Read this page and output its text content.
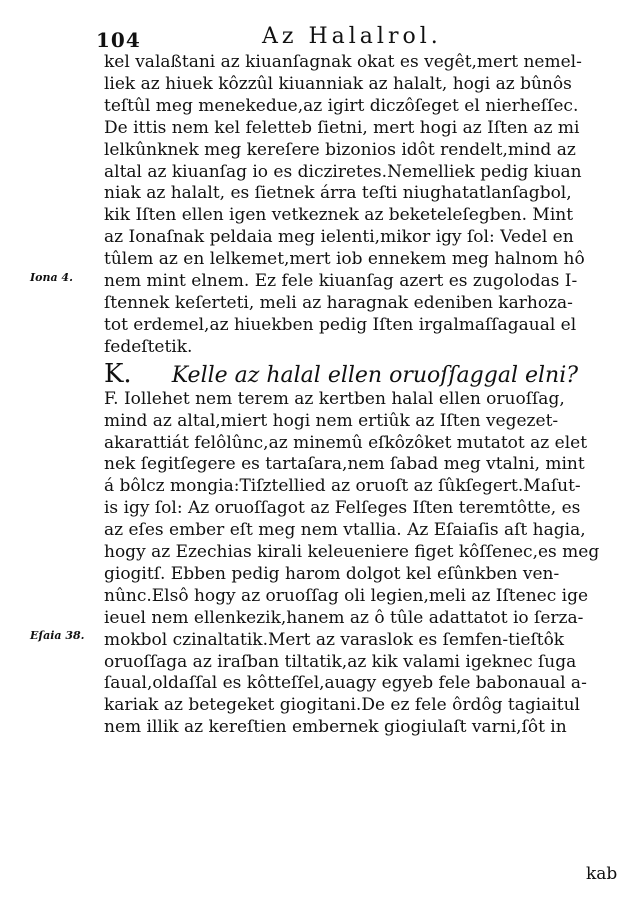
104	Az Halalrol.
Iona 4.
Eſaia 38.
kel valaßtani az kiuanſagnak okat es vegêt,mert nemel-
liek az hiuek kôzzûl kiuanniak az halalt, hogi az bûnôs
teſtûl meg menekedue,az igirt diczôſeget el nierheſſec.
De ittis nem kel feletteb ſietni, mert hogi az Iſten az mi
lelkûnknek meg kereſere bizonios idôt rendelt,mind az
altal az kiuanſag io es dicziretes.Nemelliek pedig kiuan
niak az halalt, es ſietnek árra teſti niughatatlanſagbol,
kik Iſten ellen igen vetkeznek az beketeleſegben. Mint
az Ionaſnak peldaia meg ielenti,mikor igy ſol: Vedel en
tûlem az en lelkemet,mert iob ennekem meg halnom hô
nem mint elnem. Ez fele kiuanſag azert es zugolodas I-
ſtennek keſerteti, meli az haragnak edeniben karhoza-
tot erdemel,az hiuekben pedig Iſten irgalmaſſagaual el
fedeſtetik.
K. Kelle az halal ellen oruoſſaggal elni?
F. Iollehet nem terem az kertben halal ellen oruoſſag,
mind az altal,miert hogi nem ertiûk az Iſten vegezet-
akarattiát felôlûnc,az minemû eſkôzôket mutatot az elet
nek ſegitſegere es tartaſara,nem ſabad meg vtalni, mint
á bôlcz mongia:Tiſztellied az oruoſt az ſûkſegert.Maſut-
is igy ſol: Az oruoſſagot az Felſeges Iſten teremtôtte, es
az eſes ember eſt meg nem vtallia. Az Eſaiaſis aſt hagia,
hogy az Ezechias kirali keleueniere figet kôſſenec,es meg
giogitſ. Ebben pedig harom dolgot kel eſûnkben ven-
nûnc.Elsô hogy az oruoſſag oli legien,meli az Iſtenec ige
ieuel nem ellenkezik,hanem az ô tûle adattatot io ſerza-
mokbol czinaltatik.Mert az varaslok es ſemfen-tieſtôk
oruoſſaga az iraſban tiltatik,az kik valami igeknec ſuga
ſaual,oldaſſal es kôtteſſel,auagy egyeb fele babonaual a-
kariak az betegeket giogitani.De ez fele ôrdôg tagiaitul
nem illik az kereſtien embernek giogiulaſt varni,ſôt in
kab
